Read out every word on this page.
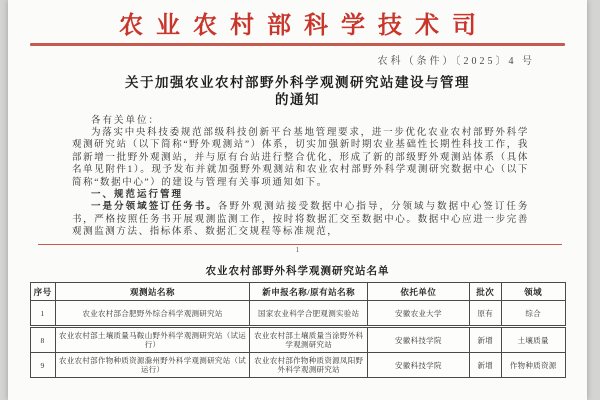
农业农村部科学技术司
农科（条件）〔2025〕4 号
关于加强农业农村部野外科学观测研究站建设与管理
的通知

各有关单位：

为落实中央科技委规范部级科技创新平台基地管理要求，进一步优化农业农村部野外科学观测研究站（以下简称“野外观测站”）体系，切实加强新时期农业基础性长期性科技工作，我部新增一批野外观测站，并与原有台站进行整合优化，形成了新的部级野外观测站体系（具体名单见附件1）。现予发布并就加强野外观测站和农业农村部野外科学观测研究数据中心（以下简称“数据中心”）的建设与管理有关事项通知如下。

一、规范运行管理

一是分领域签订任务书。各野外观测站接受数据中心指导，分领域与数据中心签订任务书，严格按照任务书开展观测监测工作，按时将数据汇交至数据中心。数据中心应进一步完善观测监测方法、指标体系、数据汇交规程等标准规范，

1
农业农村部野外科学观测研究站名单
序号	观测站名称	新申报名称/原有站名称	依托单位	批次	领域
1	农业农村部合肥野外综合科学观测研究站	国家农业科学合肥观测实验站	安徽农业大学	原有	综合
8	农业农村部土壤质量马鞍山野外科学观测研究站（试运行）	农业农村部土壤质量当涂野外科学观测研究站	安徽科技学院	新增	土壤质量
9	农业农村部作物种质资源滁州野外科学观测研究站（试运行）	农业农村部作物种质资源凤阳野外科学观测研究站	安徽科技学院	新增	作物种质资源
